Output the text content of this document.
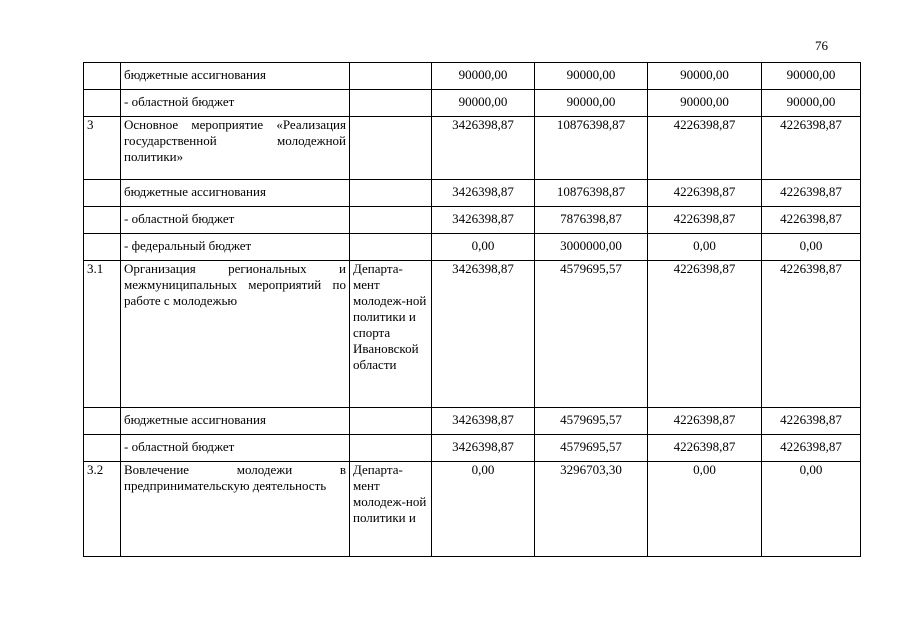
76
	бюджетные ассигнования		90000,00	90000,00	90000,00	90000,00
	- областной бюджет		90000,00	90000,00	90000,00	90000,00
3	Основное мероприятие «Реализация государственной молодежной политики»		3426398,87	10876398,87	4226398,87	4226398,87
	бюджетные ассигнования		3426398,87	10876398,87	4226398,87	4226398,87
	- областной бюджет		3426398,87	7876398,87	4226398,87	4226398,87
	- федеральный бюджет		0,00	3000000,00	0,00	0,00
3.1	Организация региональных и межмуниципальных мероприятий по работе с молодежью	Департа-мент молодеж-ной политики и спорта Ивановской области	3426398,87	4579695,57	4226398,87	4226398,87
	бюджетные ассигнования		3426398,87	4579695,57	4226398,87	4226398,87
	- областной бюджет		3426398,87	4579695,57	4226398,87	4226398,87
3.2	Вовлечение молодежи в предпринимательскую деятельность	Департа-мент молодеж-ной политики и	0,00	3296703,30	0,00	0,00
